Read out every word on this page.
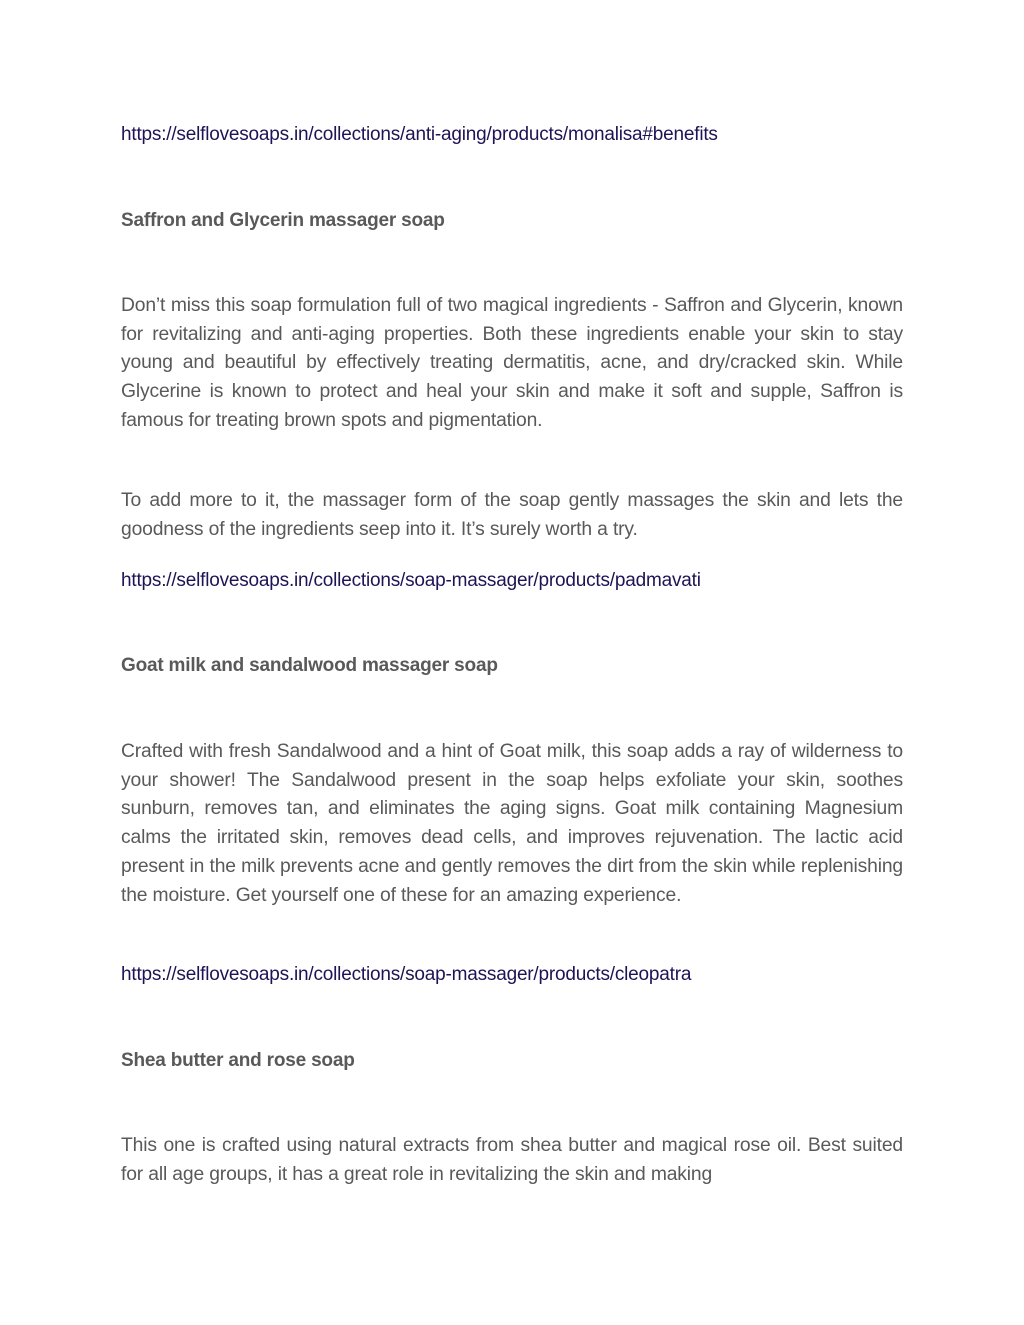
https://selflovesoaps.in/collections/anti-aging/products/monalisa#benefits
Saffron and Glycerin massager soap

Don’t miss this soap formulation full of two magical ingredients - Saffron and Glycerin, known for revitalizing and anti-aging properties. Both these ingredients enable your skin to stay young and beautiful by effectively treating dermatitis, acne, and dry/cracked skin. While Glycerine is known to protect and heal your skin and make it soft and supple, Saffron is famous for treating brown spots and pigmentation.

To add more to it, the massager form of the soap gently massages the skin and lets the goodness of the ingredients seep into it. It’s surely worth a try.

https://selflovesoaps.in/collections/soap-massager/products/padmavati
Goat milk and sandalwood massager soap

Crafted with fresh Sandalwood and a hint of Goat milk, this soap adds a ray of wilderness to your shower! The Sandalwood present in the soap helps exfoliate your skin, soothes sunburn, removes tan, and eliminates the aging signs. Goat milk containing Magnesium calms the irritated skin, removes dead cells, and improves rejuvenation. The lactic acid present in the milk prevents acne and gently removes the dirt from the skin while replenishing the moisture. Get yourself one of these for an amazing experience.

https://selflovesoaps.in/collections/soap-massager/products/cleopatra
Shea butter and rose soap

This one is crafted using natural extracts from shea butter and magical rose oil. Best suited for all age groups, it has a great role in revitalizing the skin and making
